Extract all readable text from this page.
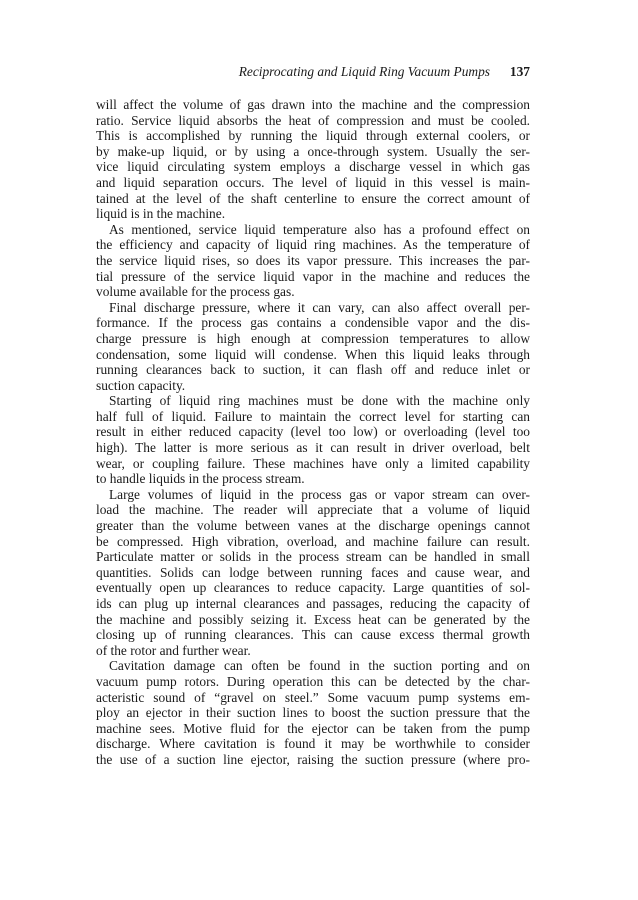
Reciprocating and Liquid Ring Vacuum Pumps 137
will affect the volume of gas drawn into the machine and the compression
ratio. Service liquid absorbs the heat of compression and must be cooled.
This is accomplished by running the liquid through external coolers, or
by make-up liquid, or by using a once-through system. Usually the ser-
vice liquid circulating system employs a discharge vessel in which gas
and liquid separation occurs. The level of liquid in this vessel is main-
tained at the level of the shaft centerline to ensure the correct amount of
liquid is in the machine.
As mentioned, service liquid temperature also has a profound effect on
the efficiency and capacity of liquid ring machines. As the temperature of
the service liquid rises, so does its vapor pressure. This increases the par-
tial pressure of the service liquid vapor in the machine and reduces the
volume available for the process gas.
Final discharge pressure, where it can vary, can also affect overall per-
formance. If the process gas contains a condensible vapor and the dis-
charge pressure is high enough at compression temperatures to allow
condensation, some liquid will condense. When this liquid leaks through
running clearances back to suction, it can flash off and reduce inlet or
suction capacity.
Starting of liquid ring machines must be done with the machine only
half full of liquid. Failure to maintain the correct level for starting can
result in either reduced capacity (level too low) or overloading (level too
high). The latter is more serious as it can result in driver overload, belt
wear, or coupling failure. These machines have only a limited capability
to handle liquids in the process stream.
Large volumes of liquid in the process gas or vapor stream can over-
load the machine. The reader will appreciate that a volume of liquid
greater than the volume between vanes at the discharge openings cannot
be compressed. High vibration, overload, and machine failure can result.
Particulate matter or solids in the process stream can be handled in small
quantities. Solids can lodge between running faces and cause wear, and
eventually open up clearances to reduce capacity. Large quantities of sol-
ids can plug up internal clearances and passages, reducing the capacity of
the machine and possibly seizing it. Excess heat can be generated by the
closing up of running clearances. This can cause excess thermal growth
of the rotor and further wear.
Cavitation damage can often be found in the suction porting and on
vacuum pump rotors. During operation this can be detected by the char-
acteristic sound of “gravel on steel.” Some vacuum pump systems em-
ploy an ejector in their suction lines to boost the suction pressure that the
machine sees. Motive fluid for the ejector can be taken from the pump
discharge. Where cavitation is found it may be worthwhile to consider
the use of a suction line ejector, raising the suction pressure (where pro-
